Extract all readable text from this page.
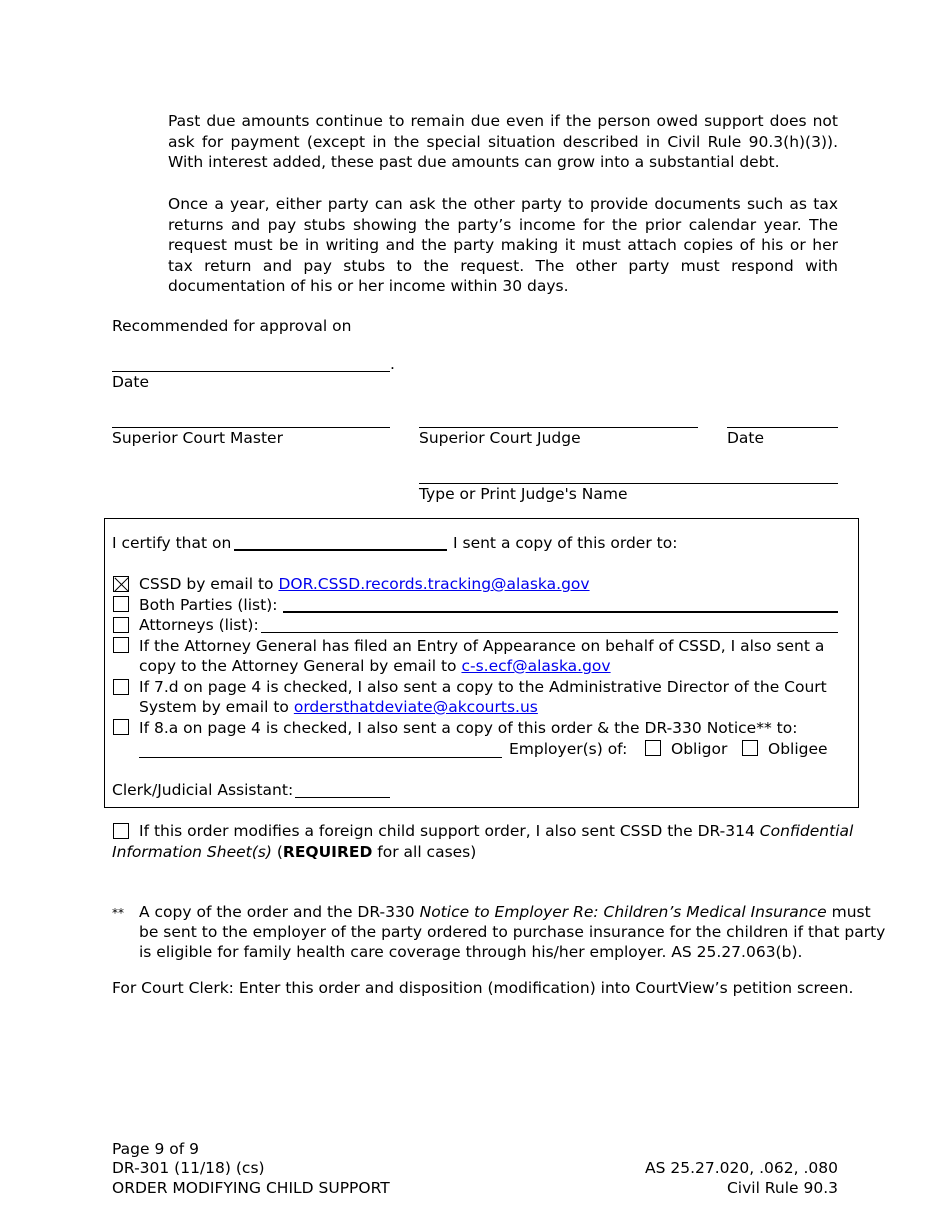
Past due amounts continue to remain due even if the person owed support does not ask for payment (except in the special situation described in Civil Rule 90.3(h)(3)). With interest added, these past due amounts can grow into a substantial debt.

Once a year, either party can ask the other party to provide documents such as tax returns and pay stubs showing the party’s income for the prior calendar year. The request must be in writing and the party making it must attach copies of his or her tax return and pay stubs to the request. The other party must respond with documentation of his or her income within 30 days.

Recommended for approval on
.
Date
Superior Court Master	Superior Court Judge	Date
Type or Print Judge's Name
I certify that on	I sent a copy of this order to:
CSSD by email to DOR.CSSD.records.tracking@alaska.gov
Both Parties (list):
Attorneys (list):
If the Attorney General has filed an Entry of Appearance on behalf of CSSD, I also sent a
copy to the Attorney General by email to c-s.ecf@alaska.gov
If 7.d on page 4 is checked, I also sent a copy to the Administrative Director of the Court
System by email to ordersthatdeviate@akcourts.us
If 8.a on page 4 is checked, I also sent a copy of this order & the DR-330 Notice** to:
Employer(s) of:	Obligor	Obligee
Clerk/Judicial Assistant:
If this order modifies a foreign child support order, I also sent CSSD the DR-314 Confidential
Information Sheet(s) (REQUIRED for all cases)
** A copy of the order and the DR-330 Notice to Employer Re: Children’s Medical Insurance must
be sent to the employer of the party ordered to purchase insurance for the children if that party
is eligible for family health care coverage through his/her employer. AS 25.27.063(b).
For Court Clerk: Enter this order and disposition (modification) into CourtView’s petition screen.
Page 9 of 9
DR-301 (11/18) (cs)
ORDER MODIFYING CHILD SUPPORT
AS 25.27.020, .062, .080
Civil Rule 90.3
